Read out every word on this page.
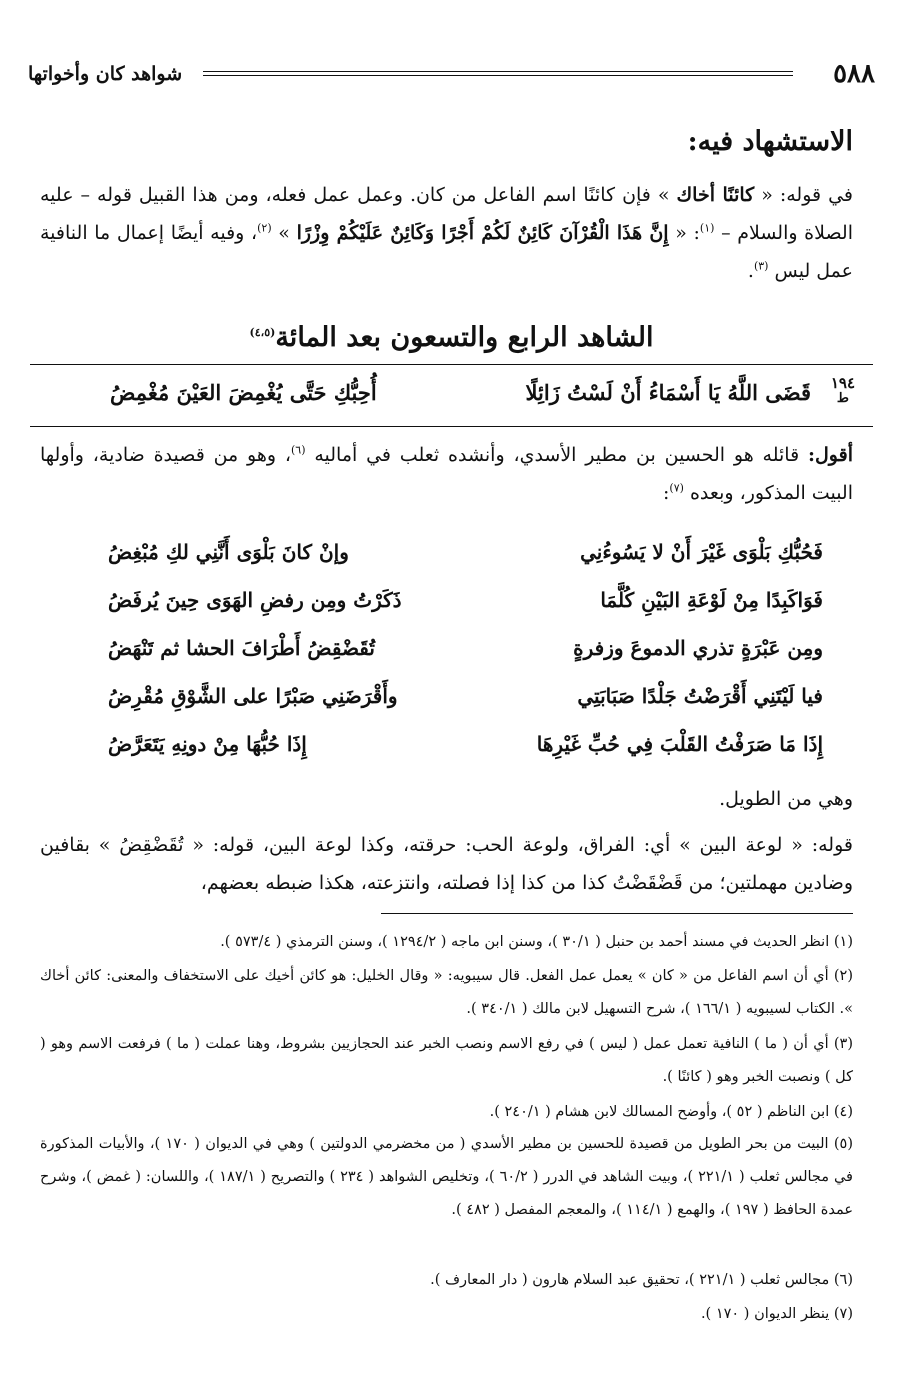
٥٨٨
شواهد كان وأخواتها
الاستشهاد فيه:
في قوله: « كائنًا أخاك » فإن كائنًا اسم الفاعل من كان. وعمل عمل فعله، ومن هذا القبيل قوله – عليه الصلاة والسلام – $^{(١)}$: « إِنَّ هَذَا الْقُرْآنَ كَائِنٌ لَكُمْ أَجْرًا وَكَائِنٌ عَلَيْكُمْ وِزْرًا » $^{(٢)}$، وفيه أيضًا إعمال ما النافية عمل ليس $^{(٣)}$.
الشاهد الرابع والتسعون بعد المائة$^{(٤،٥)}$
١٩٤
ط
قَضَى اللَّهُ يَا أَسْمَاءُ أَنْ لَسْتُ زَائِلًا
أُحِبُّكِ حَتَّى يُغْمِضَ العَيْنَ مُغْمِضُ
أقول: قائله هو الحسين بن مطير الأسدي، وأنشده ثعلب في أماليه $^{(٦)}$، وهو من قصيدة ضادية، وأولها البيت المذكور، وبعده $^{(٧)}$:
فَحُبُّكِ بَلْوَى غَيْرَ أَنْ لا يَسُوءُنِي
وإنْ كانَ بَلْوَى أَنَّنِي لكِ مُبْغِضُ
فَوَاكَبِدًا مِنْ لَوْعَةِ البَيْنِ كُلَّمَا
ذَكَرْتُ ومِن رفضِ الهَوَى حِينَ يُرفَضُ
ومِن عَبْرَةٍ تذري الدموعَ وزفرةٍ
تُقَضْقِضُ أَطْرَافَ الحشا ثم تَنْهَضُ
فيا لَيْتَنِي أَقْرَضْتُ جَلْدًا صَبَابَتِي
وأَقْرَضَنِي صَبْرًا على الشَّوْقِ مُقْرِضُ
إِذَا مَا صَرَفْتُ القَلْبَ فِي حُبِّ غَيْرِهَا
إِذَا حُبُّهَا مِنْ دونِهِ يَتَعَرَّضُ
وهي من الطويل.
قوله: « لوعة البين » أي: الفراق، ولوعة الحب: حرقته، وكذا لوعة البين، قوله: « تُقَضْقِضُ » بقافين وضادين مهملتين؛ من قَضْقَضْتُ كذا من كذا إذا فصلته، وانتزعته، هكذا ضبطه بعضهم،
(١) انظر الحديث في مسند أحمد بن حنبل ( ٣٠/١ )، وسنن ابن ماجه ( ١٢٩٤/٢ )، وسنن الترمذي ( ٥٧٣/٤ ).
(٢) أي أن اسم الفاعل من « كان » يعمل عمل الفعل. قال سيبويه: « وقال الخليل: هو كائن أخيك على الاستخفاف والمعنى: كائن أخاك ». الكتاب لسيبويه ( ١٦٦/١ )، شرح التسهيل لابن مالك ( ٣٤٠/١ ).
(٣) أي أن ( ما ) النافية تعمل عمل ( ليس ) في رفع الاسم ونصب الخبر عند الحجازيين بشروط، وهنا عملت ( ما ) فرفعت الاسم وهو ( كل ) ونصبت الخبر وهو ( كائنًا ).
(٤) ابن الناظم ( ٥٢ )، وأوضح المسالك لابن هشام ( ٢٤٠/١ ).
(٥) البيت من بحر الطويل من قصيدة للحسين بن مطير الأسدي ( من مخضرمي الدولتين ) وهي في الديوان ( ١٧٠ )، والأبيات المذكورة في مجالس ثعلب ( ٢٢١/١ )، وبيت الشاهد في الدرر ( ٦٠/٢ )، وتخليص الشواهد ( ٢٣٤ ) والتصريح ( ١٨٧/١ )، واللسان: ( غمض )، وشرح عمدة الحافظ ( ١٩٧ )، والهمع ( ١١٤/١ )، والمعجم المفصل ( ٤٨٢ ).
(٦) مجالس ثعلب ( ٢٢١/١ )، تحقيق عبد السلام هارون ( دار المعارف ).
(٧) ينظر الديوان ( ١٧٠ ).
